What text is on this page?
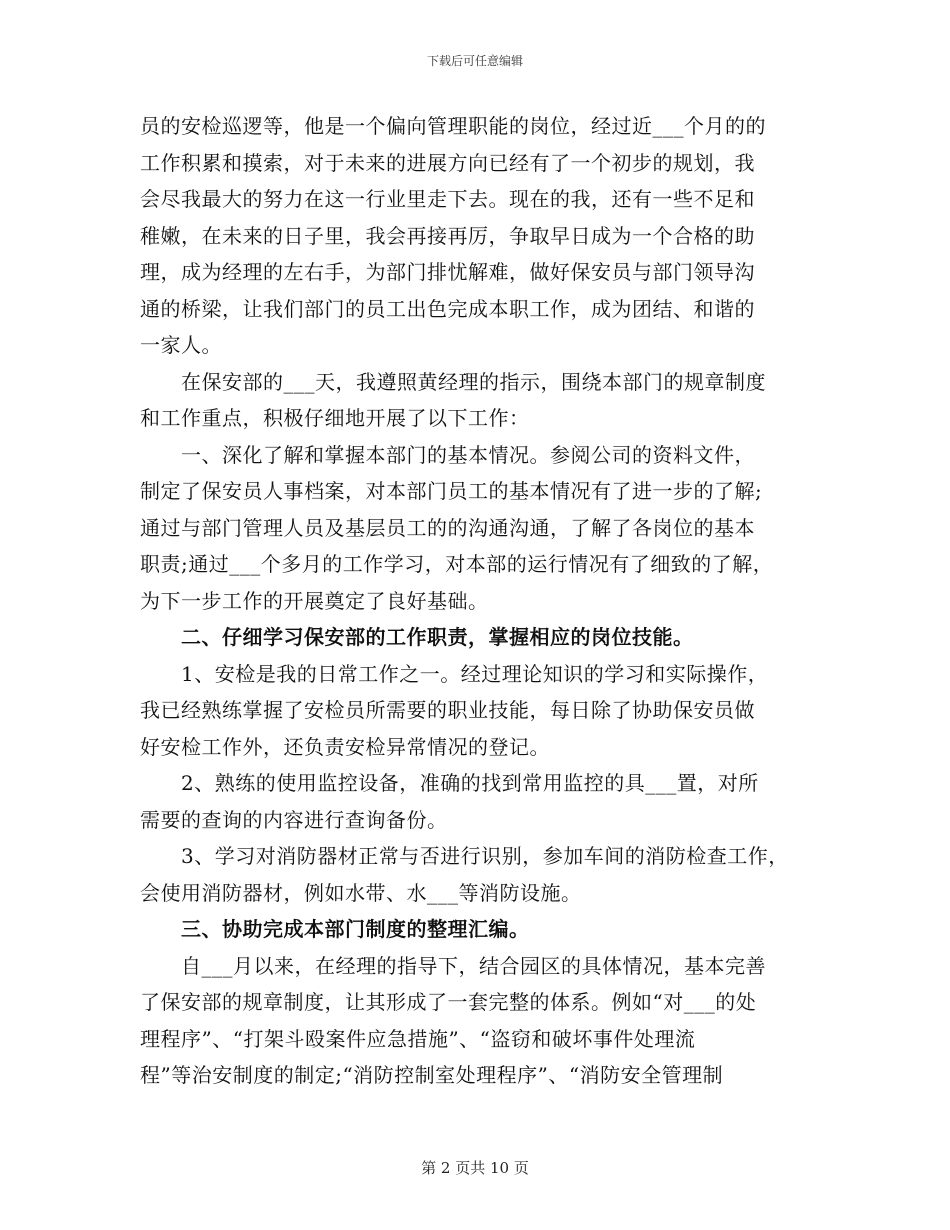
下载后可任意编辑
员的安检巡逻等，他是一个偏向管理职能的岗位，经过近___个月的的
工作积累和摸索，对于未来的进展方向已经有了一个初步的规划，我
会尽我最大的努力在这一行业里走下去。现在的我，还有一些不足和
稚嫩，在未来的日子里，我会再接再厉，争取早日成为一个合格的助
理，成为经理的左右手，为部门排忧解难，做好保安员与部门领导沟
通的桥梁，让我们部门的员工出色完成本职工作，成为团结、和谐的
一家人。
　　在保安部的___天，我遵照黄经理的指示，围绕本部门的规章制度
和工作重点，积极仔细地开展了以下工作：
　　一、深化了解和掌握本部门的基本情况。参阅公司的资料文件，
制定了保安员人事档案，对本部门员工的基本情况有了进一步的了解;
通过与部门管理人员及基层员工的的沟通沟通，了解了各岗位的基本
职责;通过___个多月的工作学习，对本部的运行情况有了细致的了解，
为下一步工作的开展奠定了良好基础。
　　二、仔细学习保安部的工作职责，掌握相应的岗位技能。
　　1、安检是我的日常工作之一。经过理论知识的学习和实际操作，
我已经熟练掌握了安检员所需要的职业技能，每日除了协助保安员做
好安检工作外，还负责安检异常情况的登记。
　　2、熟练的使用监控设备，准确的找到常用监控的具___置，对所
需要的查询的内容进行查询备份。
　　3、学习对消防器材正常与否进行识别，参加车间的消防检查工作，
会使用消防器材，例如水带、水___等消防设施。
　　三、协助完成本部门制度的整理汇编。
　　自___月以来，在经理的指导下，结合园区的具体情况，基本完善
了保安部的规章制度，让其形成了一套完整的体系。例如“对___的处
理程序”、“打架斗殴案件应急措施”、“盗窃和破坏事件处理流
程”等治安制度的制定;“消防控制室处理程序”、“消防安全管理制
第 2 页共 10 页
